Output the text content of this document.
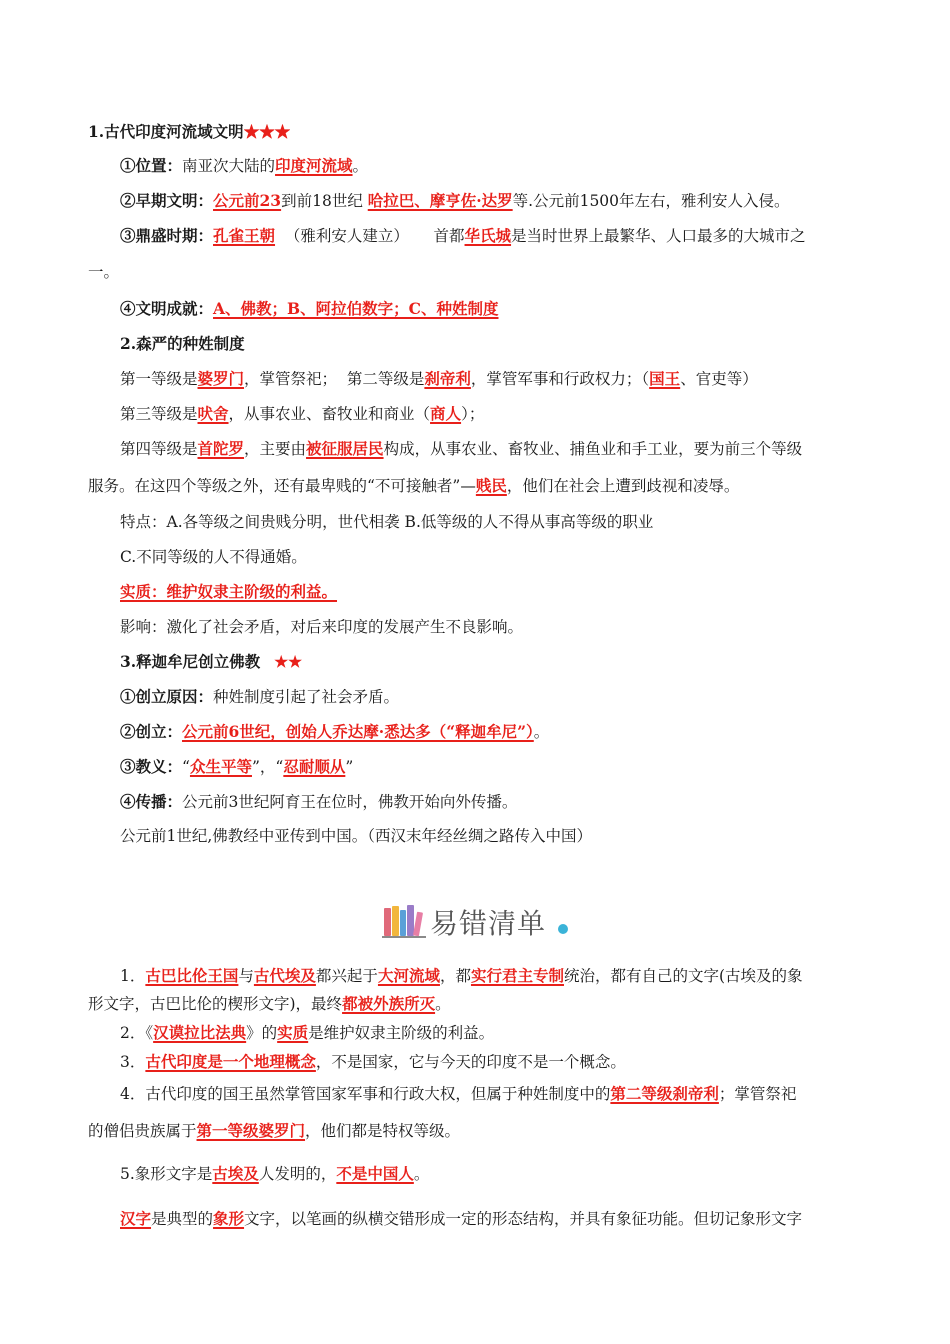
1.古代印度河流域文明★★★
①位置：南亚次大陆的印度河流域。
②早期文明：公元前23到前18世纪 哈拉巴、摩亨佐·达罗等.公元前1500年左右，雅利安人入侵。
③鼎盛时期：孔雀王朝  （雅利安人建立）     首都华氏城是当时世界上最繁华、人口最多的大城市之
一。
④文明成就：A、佛教；B、阿拉伯数字；C、种姓制度
2.森严的种姓制度
第一等级是婆罗门，掌管祭祀；  第二等级是刹帝利，掌管军事和行政权力；（国王、官吏等）
第三等级是吠舍，从事农业、畜牧业和商业（商人）；
第四等级是首陀罗，主要由被征服居民构成，从事农业、畜牧业、捕鱼业和手工业，要为前三个等级
服务。在这四个等级之外，还有最卑贱的“不可接触者”—贱民，他们在社会上遭到歧视和凌辱。
特点：A.各等级之间贵贱分明，世代相袭 B.低等级的人不得从事高等级的职业
C.不同等级的人不得通婚。
实质：维护奴隶主阶级的利益。
影响：激化了社会矛盾，对后来印度的发展产生不良影响。
3.释迦牟尼创立佛教 ★★
①创立原因：种姓制度引起了社会矛盾。
②创立：公元前6世纪，创始人乔达摩·悉达多（“释迦牟尼”）。
③教义：“众生平等”，“忍耐顺从”
④传播：公元前3世纪阿育王在位时，佛教开始向外传播。
公元前1世纪,佛教经中亚传到中国。（西汉末年经丝绸之路传入中国）
易错清单
1．古巴比伦王国与古代埃及都兴起于大河流域，都实行君主专制统治，都有自己的文字(古埃及的象
形文字，古巴比伦的楔形文字)，最终都被外族所灭。
2．《汉谟拉比法典》的实质是维护奴隶主阶级的利益。
3．古代印度是一个地理概念，不是国家，它与今天的印度不是一个概念。
4．古代印度的国王虽然掌管国家军事和行政大权，但属于种姓制度中的第二等级刹帝利；掌管祭祀
的僧侣贵族属于第一等级婆罗门，他们都是特权等级。
5.象形文字是古埃及人发明的，不是中国人。
汉字是典型的象形文字，以笔画的纵横交错形成一定的形态结构，并具有象征功能。但切记象形文字
